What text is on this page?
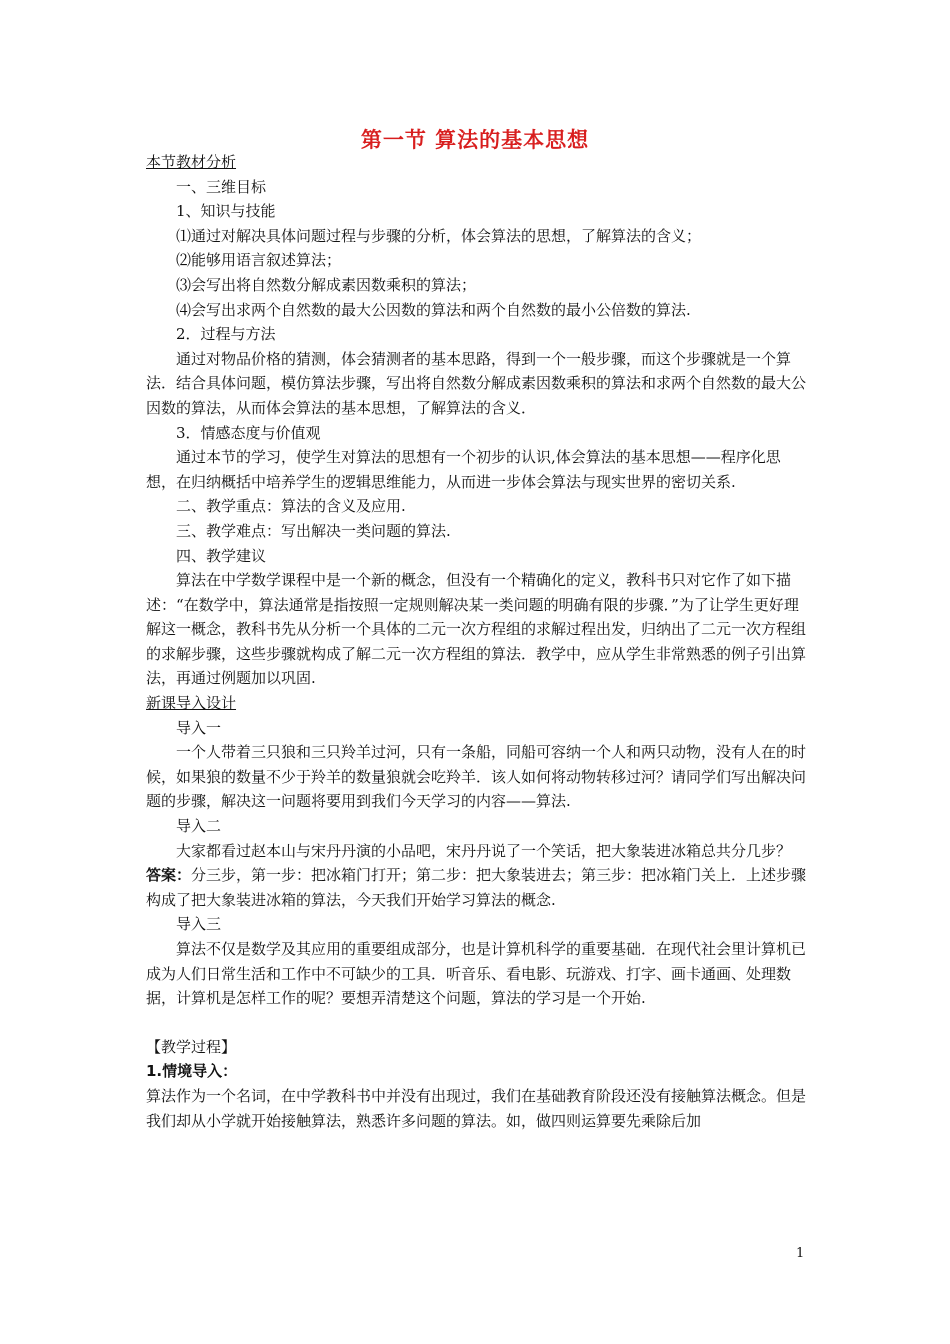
第一节 算法的基本思想

本节教材分析

一、三维目标

1、知识与技能

⑴通过对解决具体问题过程与步骤的分析，体会算法的思想，了解算法的含义；

⑵能够用语言叙述算法；

⑶会写出将自然数分解成素因数乘积的算法；

⑷会写出求两个自然数的最大公因数的算法和两个自然数的最小公倍数的算法.

2．过程与方法

通过对物品价格的猜测，体会猜测者的基本思路，得到一个一般步骤，而这个步骤就是一个算法．结合具体问题，模仿算法步骤，写出将自然数分解成素因数乘积的算法和求两个自然数的最大公因数的算法，从而体会算法的基本思想，了解算法的含义．

3．情感态度与价值观

通过本节的学习，使学生对算法的思想有一个初步的认识,体会算法的基本思想——程序化思想，在归纳概括中培养学生的逻辑思维能力，从而进一步体会算法与现实世界的密切关系.

二、教学重点：算法的含义及应用.

三、教学难点：写出解决一类问题的算法.

四、教学建议

算法在中学数学课程中是一个新的概念，但没有一个精确化的定义，教科书只对它作了如下描述：“在数学中，算法通常是指按照一定规则解决某一类问题的明确有限的步骤．”为了让学生更好理解这一概念，教科书先从分析一个具体的二元一次方程组的求解过程出发，归纳出了二元一次方程组的求解步骤，这些步骤就构成了解二元一次方程组的算法．教学中，应从学生非常熟悉的例子引出算法，再通过例题加以巩固.

新课导入设计

导入一

一个人带着三只狼和三只羚羊过河，只有一条船，同船可容纳一个人和两只动物，没有人在的时候，如果狼的数量不少于羚羊的数量狼就会吃羚羊．该人如何将动物转移过河？请同学们写出解决问题的步骤，解决这一问题将要用到我们今天学习的内容——算法.

导入二

大家都看过赵本山与宋丹丹演的小品吧，宋丹丹说了一个笑话，把大象装进冰箱总共分几步？

答案：分三步，第一步：把冰箱门打开；第二步：把大象装进去；第三步：把冰箱门关上．上述步骤构成了把大象装进冰箱的算法，今天我们开始学习算法的概念.

导入三

算法不仅是数学及其应用的重要组成部分，也是计算机科学的重要基础．在现代社会里计算机已成为人们日常生活和工作中不可缺少的工具．听音乐、看电影、玩游戏、打字、画卡通画、处理数据，计算机是怎样工作的呢？要想弄清楚这个问题，算法的学习是一个开始.

【教学过程】

1.情境导入：

算法作为一个名词，在中学教科书中并没有出现过，我们在基础教育阶段还没有接触算法概念。但是我们却从小学就开始接触算法，熟悉许多问题的算法。如，做四则运算要先乘除后加

1
